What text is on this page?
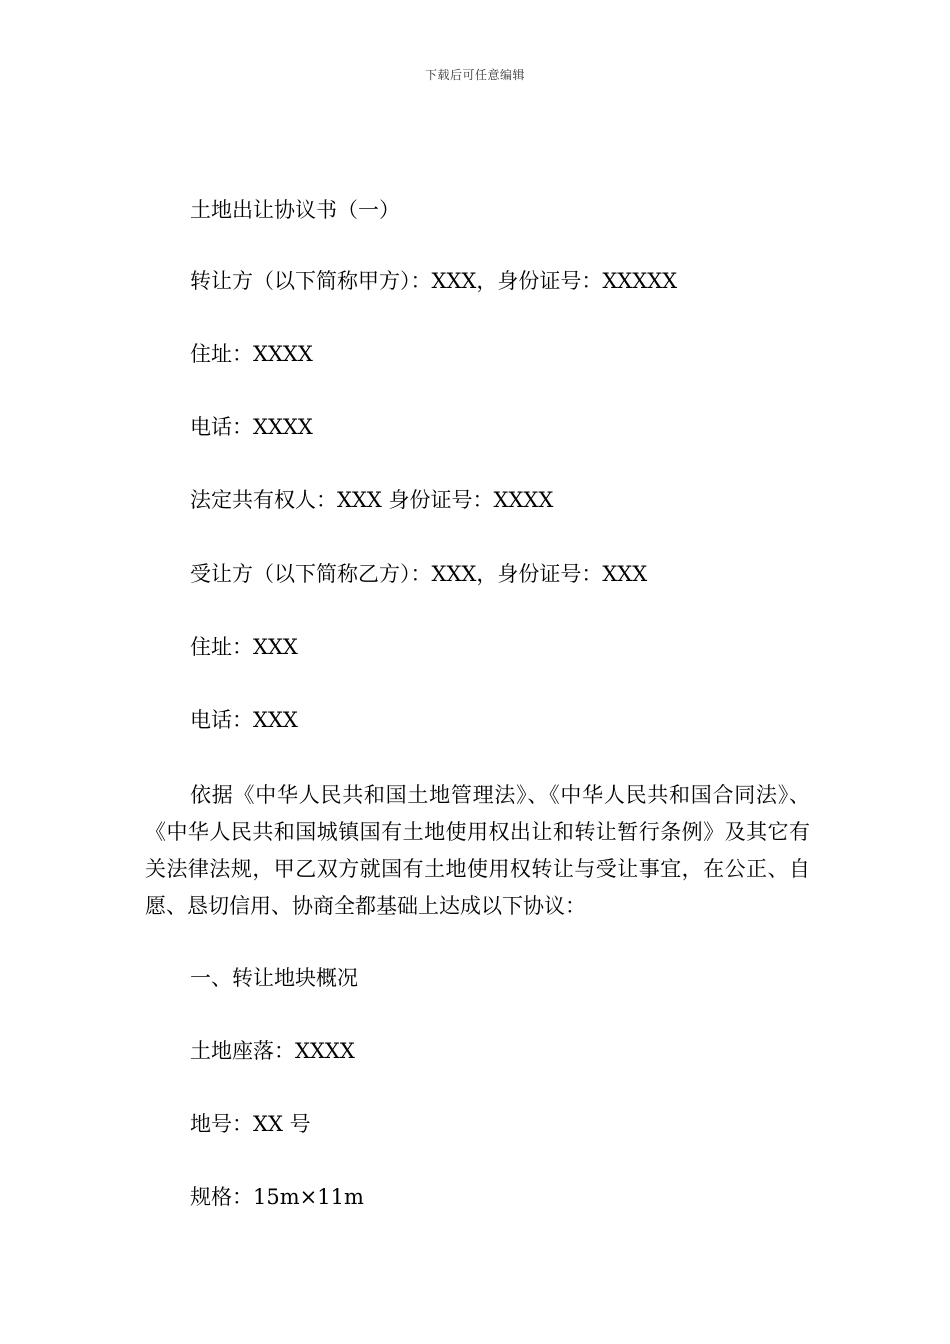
下载后可任意编辑
土地出让协议书（一）
转让方（以下简称甲方）：XXX，身份证号：XXXXX
住址：XXXX
电话：XXXX
法定共有权人：XXX 身份证号：XXXX
受让方（以下简称乙方）：XXX，身份证号：XXX
住址：XXX
电话：XXX
依据《中华人民共和国土地管理法》、《中华人民共和国合同法》、《中华人民共和国城镇国有土地使用权出让和转让暂行条例》及其它有关法律法规，甲乙双方就国有土地使用权转让与受让事宜，在公正、自愿、恳切信用、协商全都基础上达成以下协议：
一、转让地块概况
土地座落：XXXX
地号：XX 号
规格：15m×11m
